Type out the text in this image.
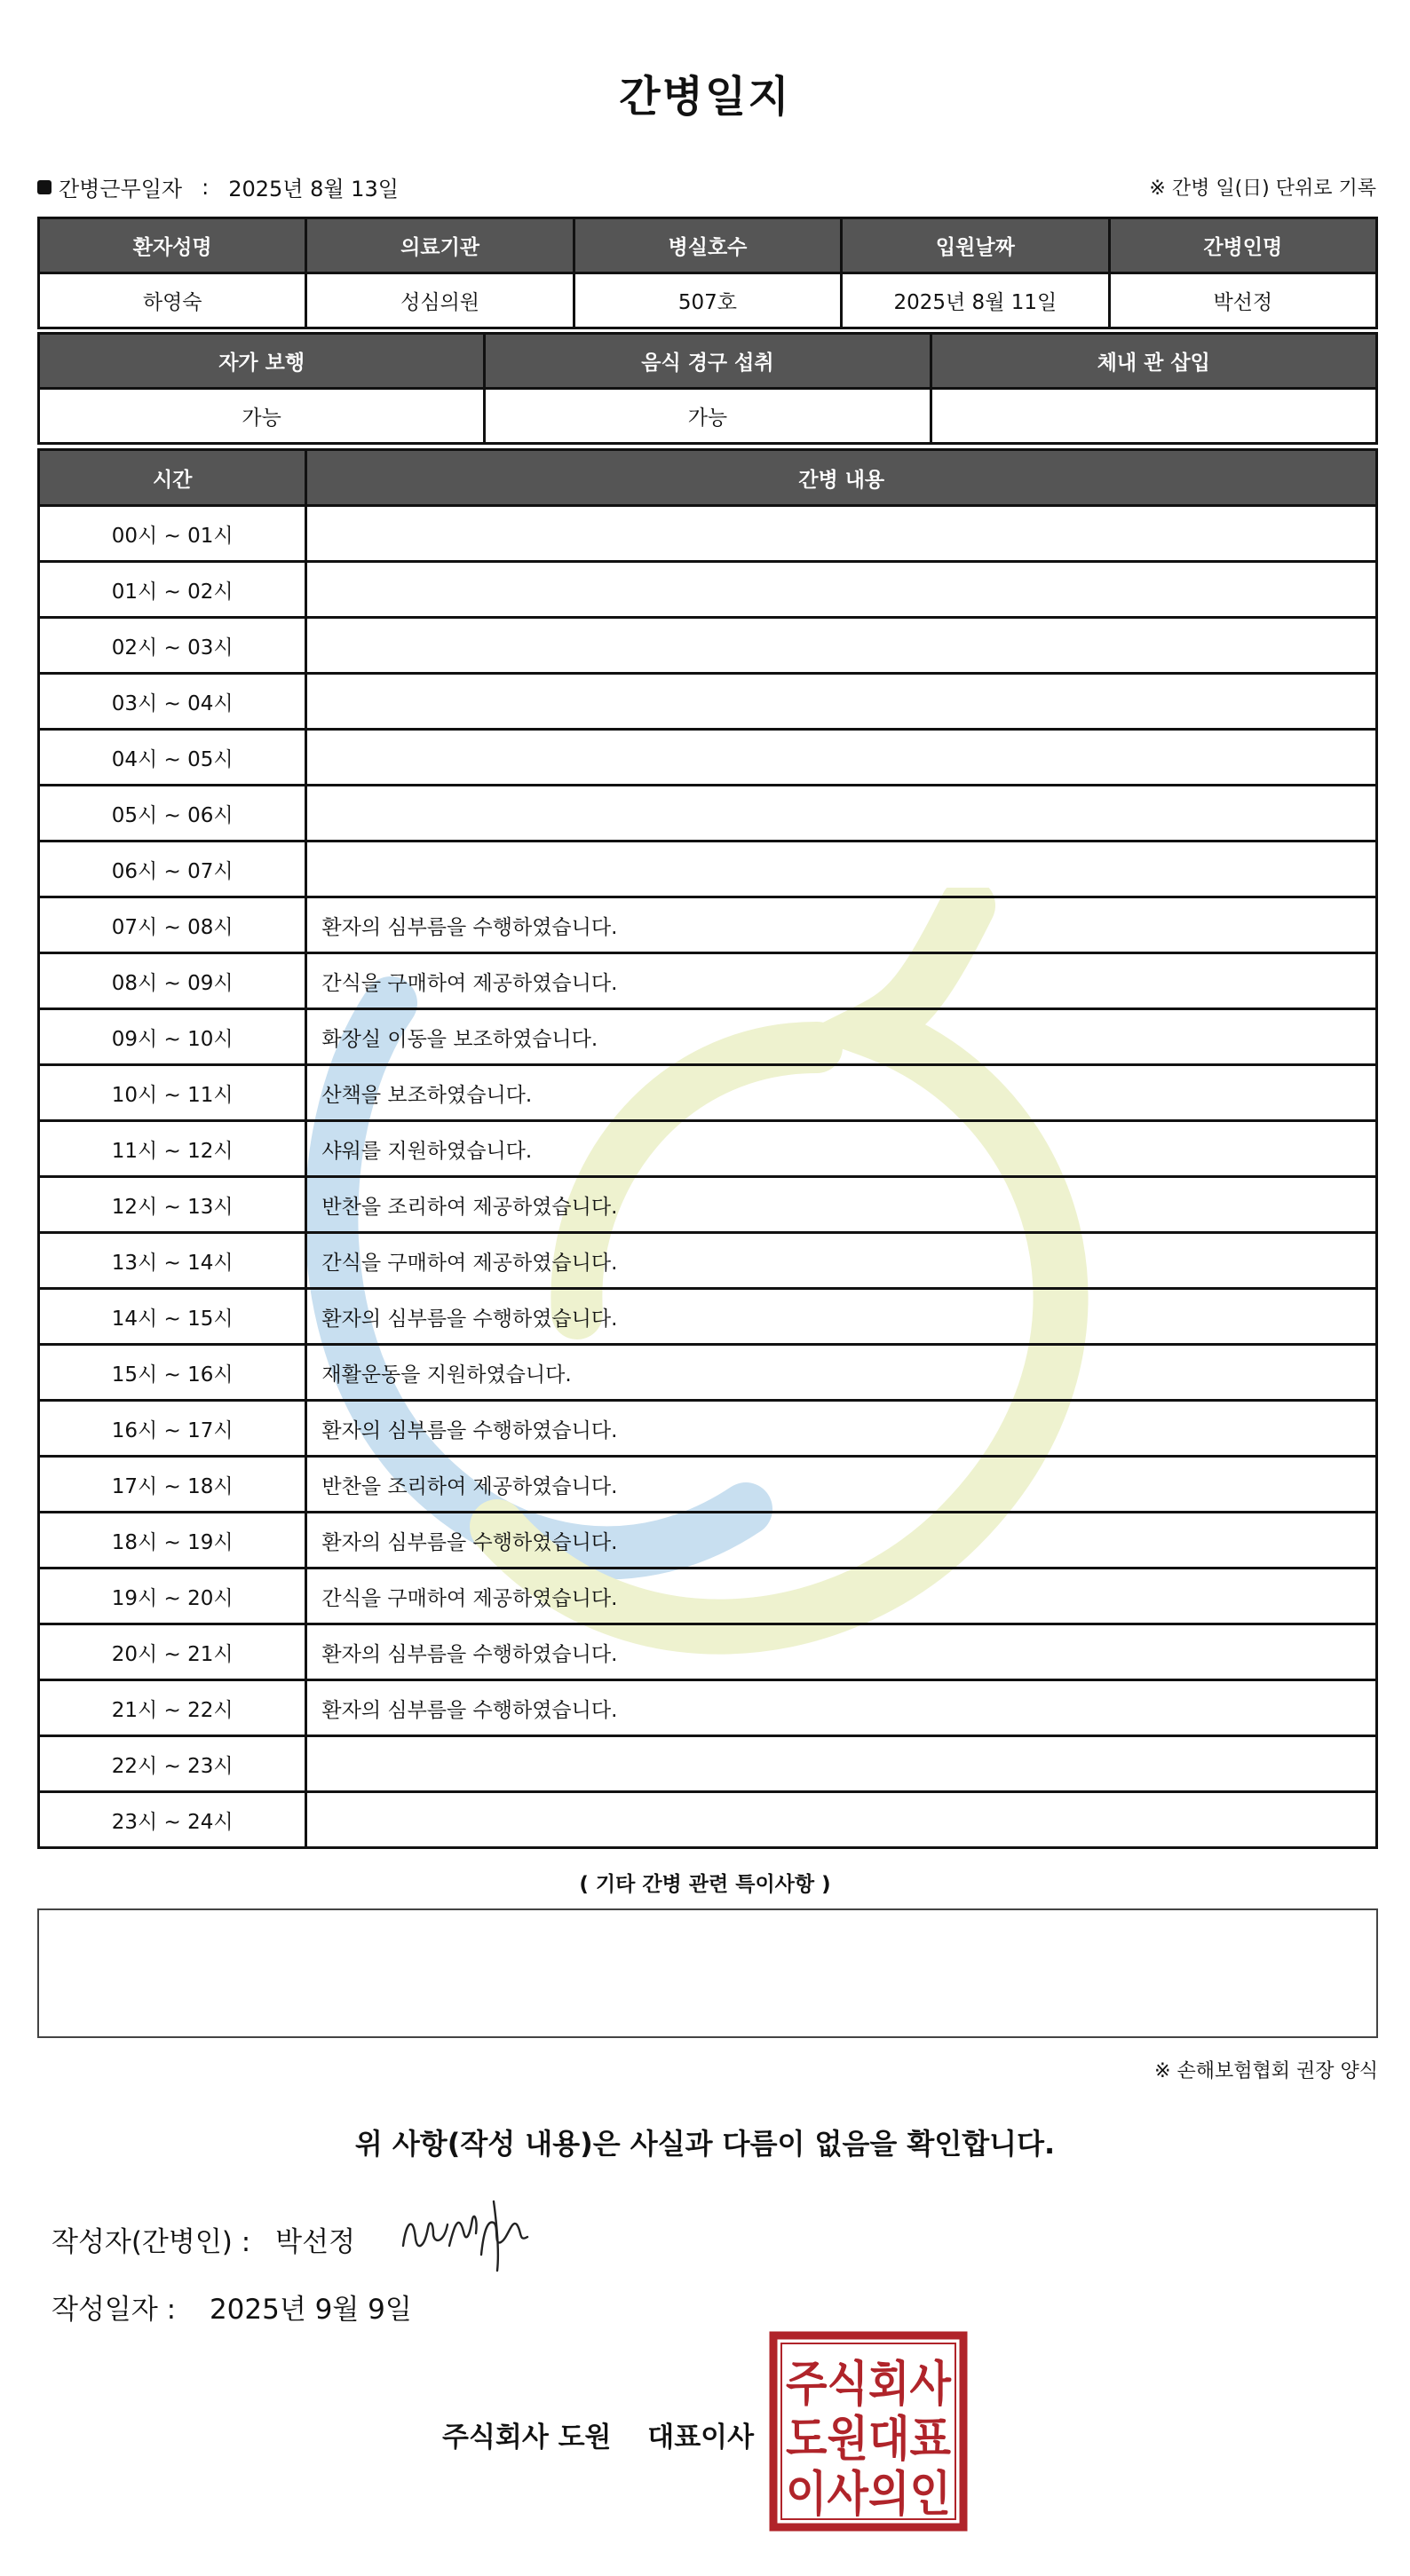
간병일지
간병근무일자 : 2025년 8월 13일	※ 간병 일(日) 단위로 기록
환자성명	의료기관	병실호수	입원날짜	간병인명
하영숙	성심의원	507호	2025년 8월 11일	박선정
자가 보행	음식 경구 섭취	체내 관 삽입
가능	가능	
시간	간병 내용
00시 ~ 01시	
01시 ~ 02시	
02시 ~ 03시	
03시 ~ 04시	
04시 ~ 05시	
05시 ~ 06시	
06시 ~ 07시	
07시 ~ 08시	환자의 심부름을 수행하였습니다.
08시 ~ 09시	간식을 구매하여 제공하였습니다.
09시 ~ 10시	화장실 이동을 보조하였습니다.
10시 ~ 11시	산책을 보조하였습니다.
11시 ~ 12시	샤워를 지원하였습니다.
12시 ~ 13시	반찬을 조리하여 제공하였습니다.
13시 ~ 14시	간식을 구매하여 제공하였습니다.
14시 ~ 15시	환자의 심부름을 수행하였습니다.
15시 ~ 16시	재활운동을 지원하였습니다.
16시 ~ 17시	환자의 심부름을 수행하였습니다.
17시 ~ 18시	반찬을 조리하여 제공하였습니다.
18시 ~ 19시	환자의 심부름을 수행하였습니다.
19시 ~ 20시	간식을 구매하여 제공하였습니다.
20시 ~ 21시	환자의 심부름을 수행하였습니다.
21시 ~ 22시	환자의 심부름을 수행하였습니다.
22시 ~ 23시	
23시 ~ 24시	
( 기타 간병 관련 특이사항 )
※ 손해보험협회 권장 양식
위 사항(작성 내용)은 사실과 다름이 없음을 확인합니다.
작성자(간병인) : 박선정
작성일자 : 2025년 9월 9일
주식회사 도원 대표이사
주식회사
도원대표
이사의인
